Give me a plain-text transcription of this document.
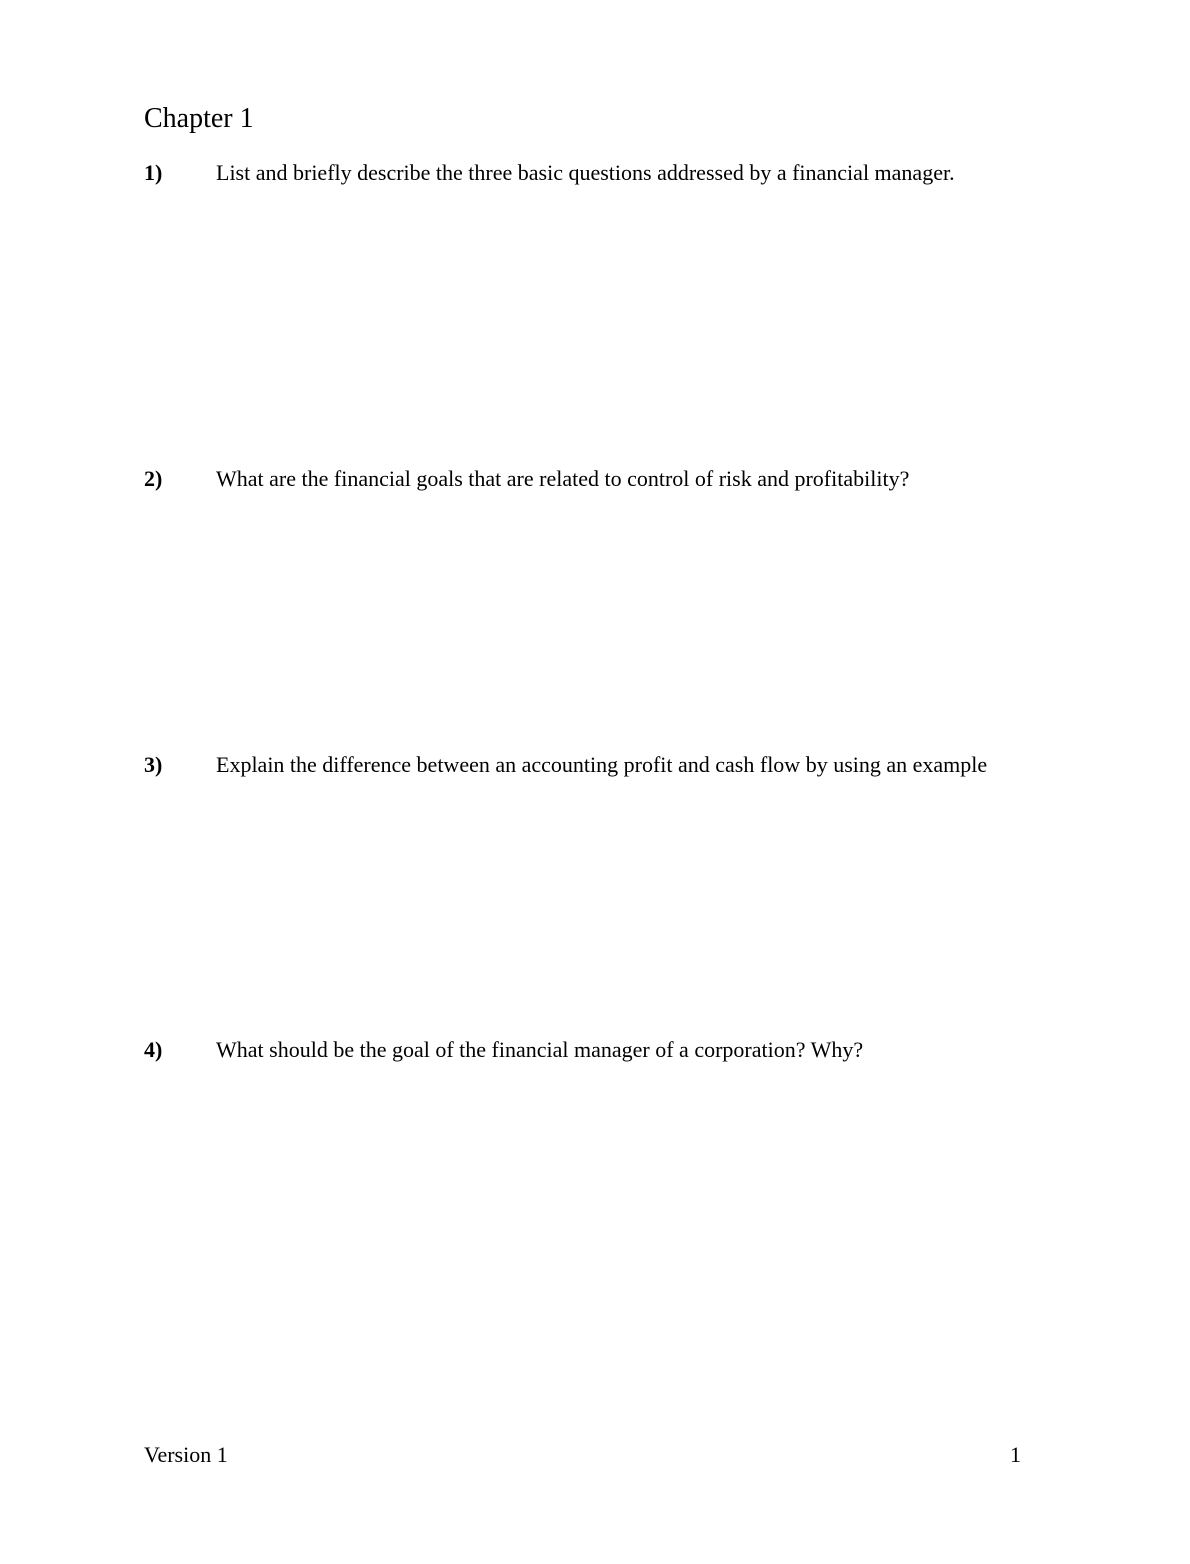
Chapter 1
1) List and briefly describe the three basic questions addressed by a financial manager.
2) What are the financial goals that are related to control of risk and profitability?
3) Explain the difference between an accounting profit and cash flow by using an example
4) What should be the goal of the financial manager of a corporation? Why?
Version 1	1
